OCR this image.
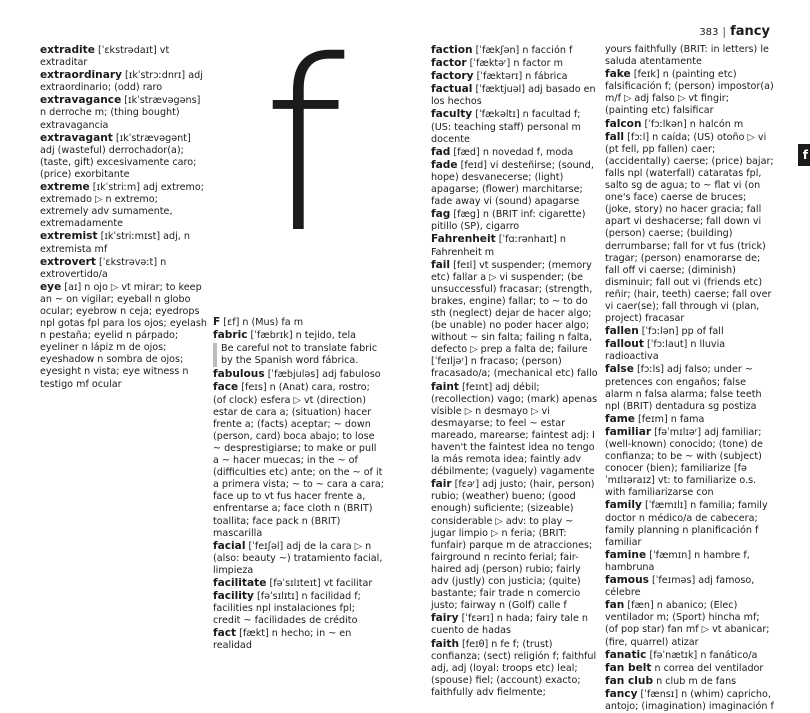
383 | fancy
f
f
extradite [ˈɛkstrədaɪt] vt extraditar
extraordinary [ɪkˈstrɔːdnrɪ] adj extraordinario; (odd) raro
extravagance [ɪkˈstrævəgəns] n derroche m; (thing bought) extravagancia
extravagant [ɪkˈstrævəgənt] adj (wasteful) derrochador(a); (taste, gift) excesivamente caro; (price) exorbitante
extreme [ɪkˈstriːm] adj extremo; extremado ▷ n extremo; extremely adv sumamente, extremadamente
extremist [ɪkˈstriːmɪst] adj, n extremista mf
extrovert [ˈɛkstrəvəːt] n extrovertido/a
eye [aɪ] n ojo ▷ vt mirar; to keep an ~ on vigilar; eyeball n globo ocular; eyebrow n ceja; eyedrops npl gotas fpl para los ojos; eyelash n pestaña; eyelid n párpado; eyeliner n lápiz m de ojos; eyeshadow n sombra de ojos; eyesight n vista; eye witness n testigo mf ocular
F [ɛf] n (Mus) fa m
fabric [ˈfæbrɪk] n tejido, tela
Be careful not to translate fabric by the Spanish word fábrica.
fabulous [ˈfæbjuləs] adj fabuloso
face [feɪs] n (Anat) cara, rostro; (of clock) esfera ▷ vt (direction) estar de cara a; (situation) hacer frente a; (facts) aceptar; ~ down (person, card) boca abajo; to lose ~ desprestigiarse; to make or pull a ~ hacer muecas; in the ~ of (difficulties etc) ante; on the ~ of it a primera vista; ~ to ~ cara a cara; face up to vt fus hacer frente a, enfrentarse a; face cloth n (BRIT) toallita; face pack n (BRIT) mascarilla
facial [ˈfeɪʃəl] adj de la cara ▷ n (also: beauty ~) tratamiento facial, limpieza
facilitate [fəˈsɪlɪteɪt] vt facilitar
facility [fəˈsɪlɪtɪ] n facilidad f; facilities npl instalaciones fpl; credit ~ facilidades de crédito
fact [fækt] n hecho; in ~ en realidad
faction [ˈfækʃən] n facción f
factor [ˈfæktəʳ] n factor m
factory [ˈfæktərɪ] n fábrica
factual [ˈfæktjuəl] adj basado en los hechos
faculty [ˈfækəltɪ] n facultad f; (US: teaching staff) personal m docente
fad [fæd] n novedad f, moda
fade [feɪd] vi desteñirse; (sound, hope) desvanecerse; (light) apagarse; (flower) marchitarse; fade away vi (sound) apagarse
fag [fæg] n (BRIT inf: cigarette) pitillo (SP), cigarro
Fahrenheit [ˈfɑːrənhaɪt] n Fahrenheit m
fail [feɪl] vt suspender; (memory etc) fallar a ▷ vi suspender; (be unsuccessful) fracasar; (strength, brakes, engine) fallar; to ~ to do sth (neglect) dejar de hacer algo; (be unable) no poder hacer algo; without ~ sin falta; failing n falta, defecto ▷ prep a falta de; failure [ˈfeɪljəʳ] n fracaso; (person) fracasado/a; (mechanical etc) fallo
faint [feɪnt] adj débil; (recollection) vago; (mark) apenas visible ▷ n desmayo ▷ vi desmayarse; to feel ~ estar mareado, marearse; faintest adj: I haven't the faintest idea no tengo la más remota idea; faintly adv débilmente; (vaguely) vagamente
fair [fɛəʳ] adj justo; (hair, person) rubio; (weather) bueno; (good enough) suficiente; (sizeable) considerable ▷ adv: to play ~ jugar limpio ▷ n feria; (BRIT: funfair) parque m de atracciones; fairground n recinto ferial; fair-haired adj (person) rubio; fairly adv (justly) con justicia; (quite) bastante; fair trade n comercio justo; fairway n (Golf) calle f
fairy [ˈfɛərɪ] n hada; fairy tale n cuento de hadas
faith [feɪθ] n fe f; (trust) confianza; (sect) religión f; faithful adj, adj (loyal: troops etc) leal; (spouse) fiel; (account) exacto; faithfully adv fielmente;
yours faithfully (BRIT: in letters) le saluda atentamente
fake [feɪk] n (painting etc) falsificación f; (person) impostor(a) m/f ▷ adj falso ▷ vt fingir; (painting etc) falsificar
falcon [ˈfɔːlkən] n halcón m
fall [fɔːl] n caída; (US) otoño ▷ vi (pt fell, pp fallen) caer; (accidentally) caerse; (price) bajar; falls npl (waterfall) cataratas fpl, salto sg de agua; to ~ flat vi (on one's face) caerse de bruces; (joke, story) no hacer gracia; fall apart vi deshacerse; fall down vi (person) caerse; (building) derrumbarse; fall for vt fus (trick) tragar; (person) enamorarse de; fall off vi caerse; (diminish) disminuir; fall out vi (friends etc) reñir; (hair, teeth) caerse; fall over vi caer(se); fall through vi (plan, project) fracasar
fallen [ˈfɔːlən] pp of fall
fallout [ˈfɔːlaut] n lluvia radioactiva
false [fɔːls] adj falso; under ~ pretences con engaños; false alarm n falsa alarma; false teeth npl (BRIT) dentadura sg postiza
fame [feɪm] n fama
familiar [fəˈmɪlɪəʳ] adj familiar; (well-known) conocido; (tone) de confianza; to be ~ with (subject) conocer (bien); familiarize [fəˈmɪlɪəraɪz] vt: to familiarize o.s. with familiarizarse con
family [ˈfæmɪlɪ] n familia; family doctor n médico/a de cabecera; family planning n planificación f familiar
famine [ˈfæmɪn] n hambre f, hambruna
famous [ˈfeɪməs] adj famoso, célebre
fan [fæn] n abanico; (Elec) ventilador m; (Sport) hincha mf; (of pop star) fan mf ▷ vt abanicar; (fire, quarrel) atizar
fanatic [fəˈnætɪk] n fanático/a
fan belt n correa del ventilador
fan club n club m de fans
fancy [ˈfænsɪ] n (whim) capricho, antojo; (imagination) imaginación f
